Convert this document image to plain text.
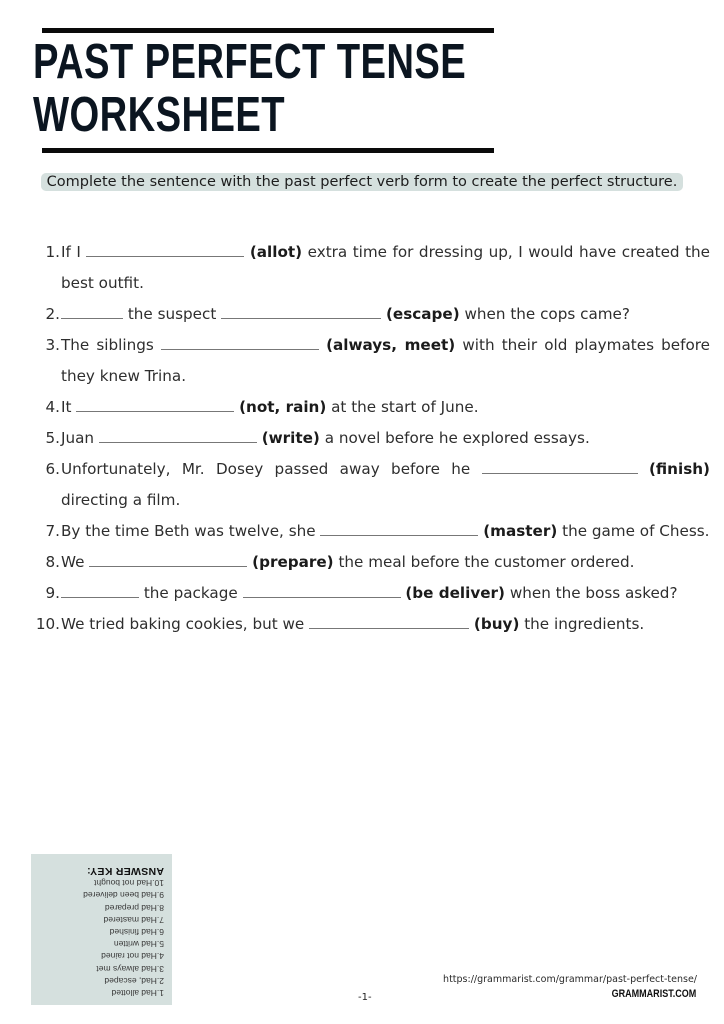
PAST PERFECT TENSE
WORKSHEET
Complete the sentence with the past perfect verb form to create the perfect structure.
1. If I	(allot) extra time for dressing up, I would have created the best outfit.
2.	the suspect	(escape) when the cops came?
3. The siblings	(always, meet) with their old playmates before they knew Trina.
4. It	(not, rain) at the start of June.
5. Juan	(write) a novel before he explored essays.
6. Unfortunately, Mr. Dosey passed away before he	(finish) directing a film.
7. By the time Beth was twelve, she	(master) the game of Chess.
8. We	(prepare) the meal before the customer ordered.
9.	the package	(be deliver) when the boss asked?
10. We tried baking cookies, but we	(buy) the ingredients.
1.Had allotted
2.Had, escaped
3.Had always met
4.Had not rained
5.Had written
6.Had finished
7.Had mastered
8.Had prepared
9.Had been delivered
10.Had not bought
ANSWER KEY:
-1-
https://grammarist.com/grammar/past-perfect-tense/
GRAMMARIST.COM
